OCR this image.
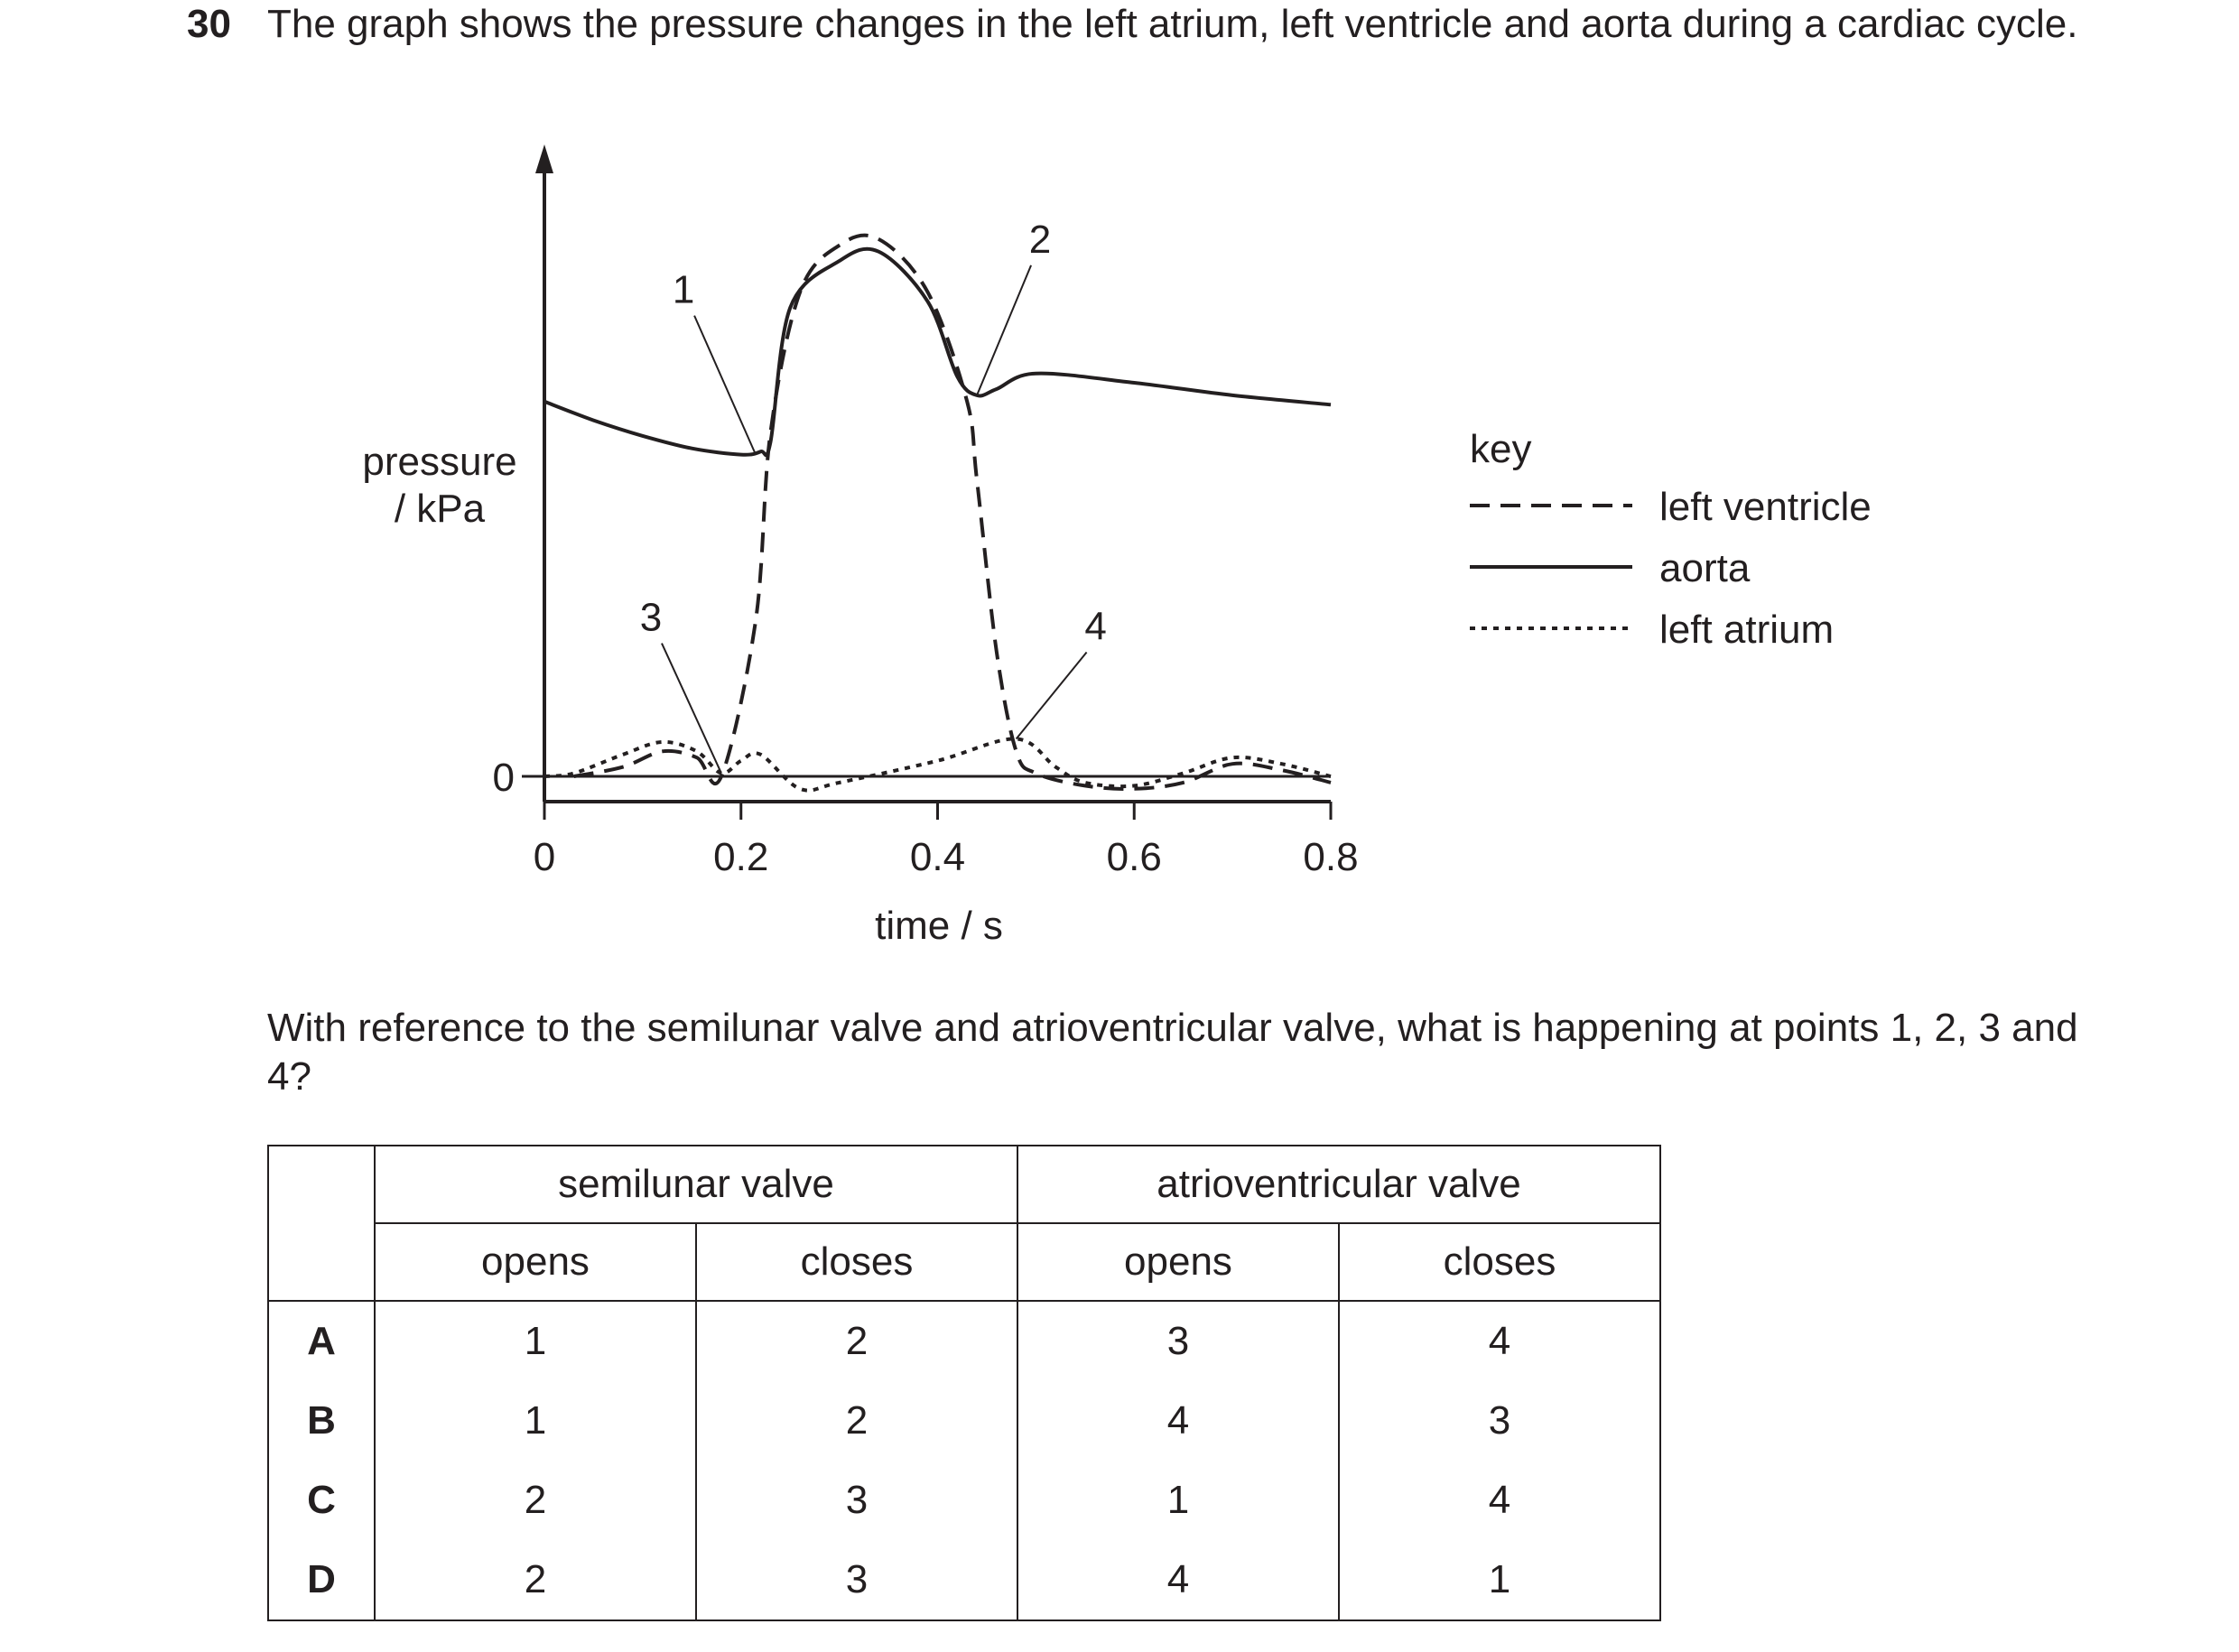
30 The graph shows the pressure changes in the left atrium, left ventricle and aorta during a cardiac cycle.
0	0.2	0.4	0.6	0.8
1
2
3	4
time / s
pressure
/ kPa
0
key
left ventricle
aorta
left atrium
With reference to the semilunar valve and atrioventricular valve, what is happening at points 1, 2, 3 and 4?
	semilunar valve		atrioventricular valve	
	opens	closes	opens	closes
A	1	2	3	4
B	1	2	4	3
C	2	3	1	4
D	2	3	4	1
